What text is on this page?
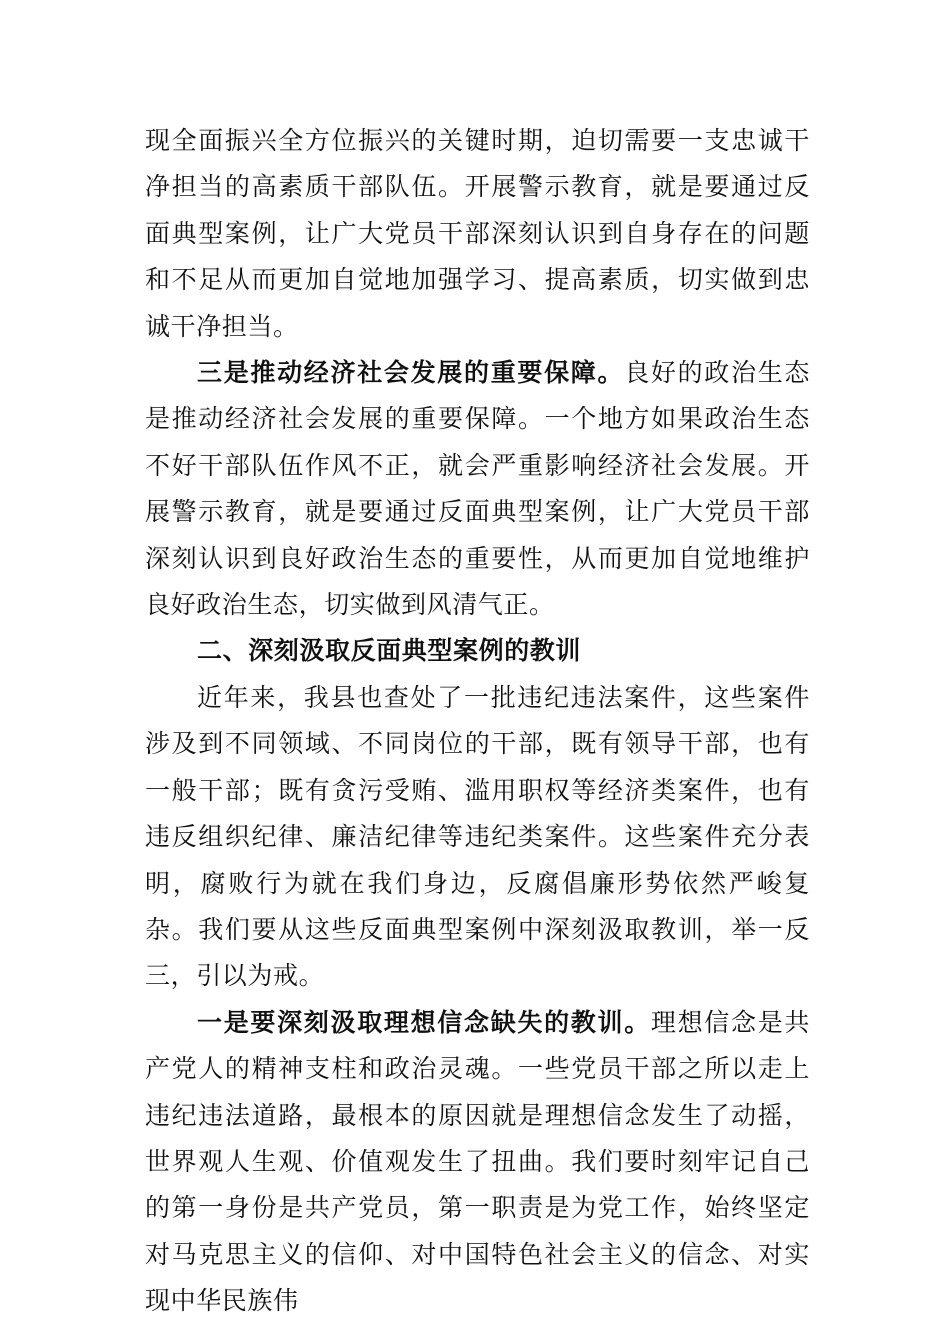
现全面振兴全方位振兴的关键时期，迫切需要一支忠诚干净担当的高素质干部队伍。开展警示教育，就是要通过反面典型案例，让广大党员干部深刻认识到自身存在的问题和不足从而更加自觉地加强学习、提高素质，切实做到忠诚干净担当。

三是推动经济社会发展的重要保障。良好的政治生态是推动经济社会发展的重要保障。一个地方如果政治生态不好干部队伍作风不正，就会严重影响经济社会发展。开展警示教育，就是要通过反面典型案例，让广大党员干部深刻认识到良好政治生态的重要性，从而更加自觉地维护良好政治生态，切实做到风清气正。

二、深刻汲取反面典型案例的教训

近年来，我县也查处了一批违纪违法案件，这些案件涉及到不同领域、不同岗位的干部，既有领导干部，也有一般干部；既有贪污受贿、滥用职权等经济类案件，也有违反组织纪律、廉洁纪律等违纪类案件。这些案件充分表明，腐败行为就在我们身边，反腐倡廉形势依然严峻复杂。我们要从这些反面典型案例中深刻汲取教训，举一反三，引以为戒。

一是要深刻汲取理想信念缺失的教训。理想信念是共产党人的精神支柱和政治灵魂。一些党员干部之所以走上违纪违法道路，最根本的原因就是理想信念发生了动摇，世界观人生观、价值观发生了扭曲。我们要时刻牢记自己的第一身份是共产党员，第一职责是为党工作，始终坚定对马克思主义的信仰、对中国特色社会主义的信念、对实现中华民族伟
